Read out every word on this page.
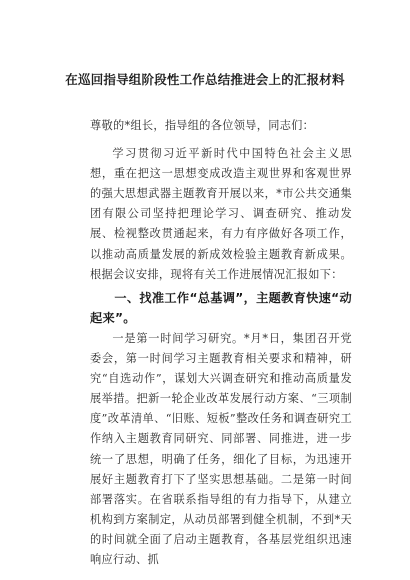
在巡回指导组阶段性工作总结推进会上的汇报材料

尊敬的*组长，指导组的各位领导，同志们：

学习贯彻习近平新时代中国特色社会主义思想，重在把这一思想变成改造主观世界和客观世界的强大思想武器主题教育开展以来，*市公共交通集团有限公司坚持把理论学习、调查研究、推动发展、检视整改贯通起来，有力有序做好各项工作，以推动高质量发展的新成效检验主题教育新成果。根据会议安排，现将有关工作进展情况汇报如下：

一、找准工作“总基调”，主题教育快速“动起来”。

一是第一时间学习研究。*月*日，集团召开党委会，第一时间学习主题教育相关要求和精神，研究“自选动作”，谋划大兴调查研究和推动高质量发展举措。把新一轮企业改革发展行动方案、“三项制度”改革清单、“旧账、短板”整改任务和调查研究工作纳入主题教育同研究、同部署、同推进，进一步统一了思想，明确了任务，细化了目标，为迅速开展好主题教育打下了坚实思想基础。二是第一时间部署落实。在省联系指导组的有力指导下，从建立机构到方案制定，从动员部署到健全机制，不到*天的时间就全面了启动主题教育，各基层党组织迅速响应行动、抓
